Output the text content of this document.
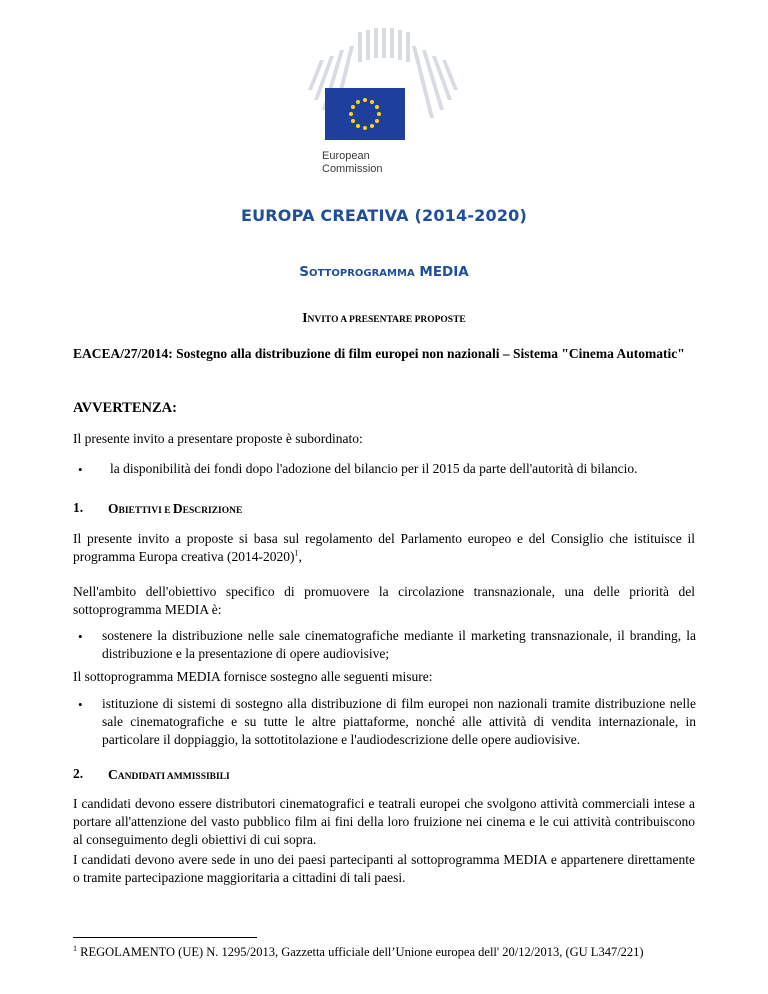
European
Commission
EUROPA CREATIVA (2014-2020)
SOTTOPROGRAMMA MEDIA
INVITO A PRESENTARE PROPOSTE
EACEA/27/2014: Sostegno alla distribuzione di film europei non nazionali – Sistema "Cinema Automatic"
AVVERTENZA:
Il presente invito a presentare proposte è subordinato:
• la disponibilità dei fondi dopo l'adozione del bilancio per il 2015 da parte dell'autorità di bilancio.
1. OBIETTIVI E DESCRIZIONE
Il presente invito a proposte si basa sul regolamento del Parlamento europeo e del Consiglio che istituisce il programma Europa creativa (2014-2020)$^1$,
Nell'ambito dell'obiettivo specifico di promuovere la circolazione transnazionale, una delle priorità del sottoprogramma MEDIA è:
• sostenere la distribuzione nelle sale cinematografiche mediante il marketing transnazionale, il branding, la distribuzione e la presentazione di opere audiovisive;
Il sottoprogramma MEDIA fornisce sostegno alle seguenti misure:
• istituzione di sistemi di sostegno alla distribuzione di film europei non nazionali tramite distribuzione nelle sale cinematografiche e su tutte le altre piattaforme, nonché alle attività di vendita internazionale, in particolare il doppiaggio, la sottotitolazione e l'audiodescrizione delle opere audiovisive.
2. CANDIDATI AMMISSIBILI
I candidati devono essere distributori cinematografici e teatrali europei che svolgono attività commerciali intese a portare all'attenzione del vasto pubblico film ai fini della loro fruizione nei cinema e le cui attività contribuiscono al conseguimento degli obiettivi di cui sopra.
I candidati devono avere sede in uno dei paesi partecipanti al sottoprogramma MEDIA e appartenere direttamente o tramite partecipazione maggioritaria a cittadini di tali paesi.
$^1$ REGOLAMENTO (UE) N. 1295/2013, Gazzetta ufficiale dell’Unione europea dell' 20/12/2013, (GU L347/221)
